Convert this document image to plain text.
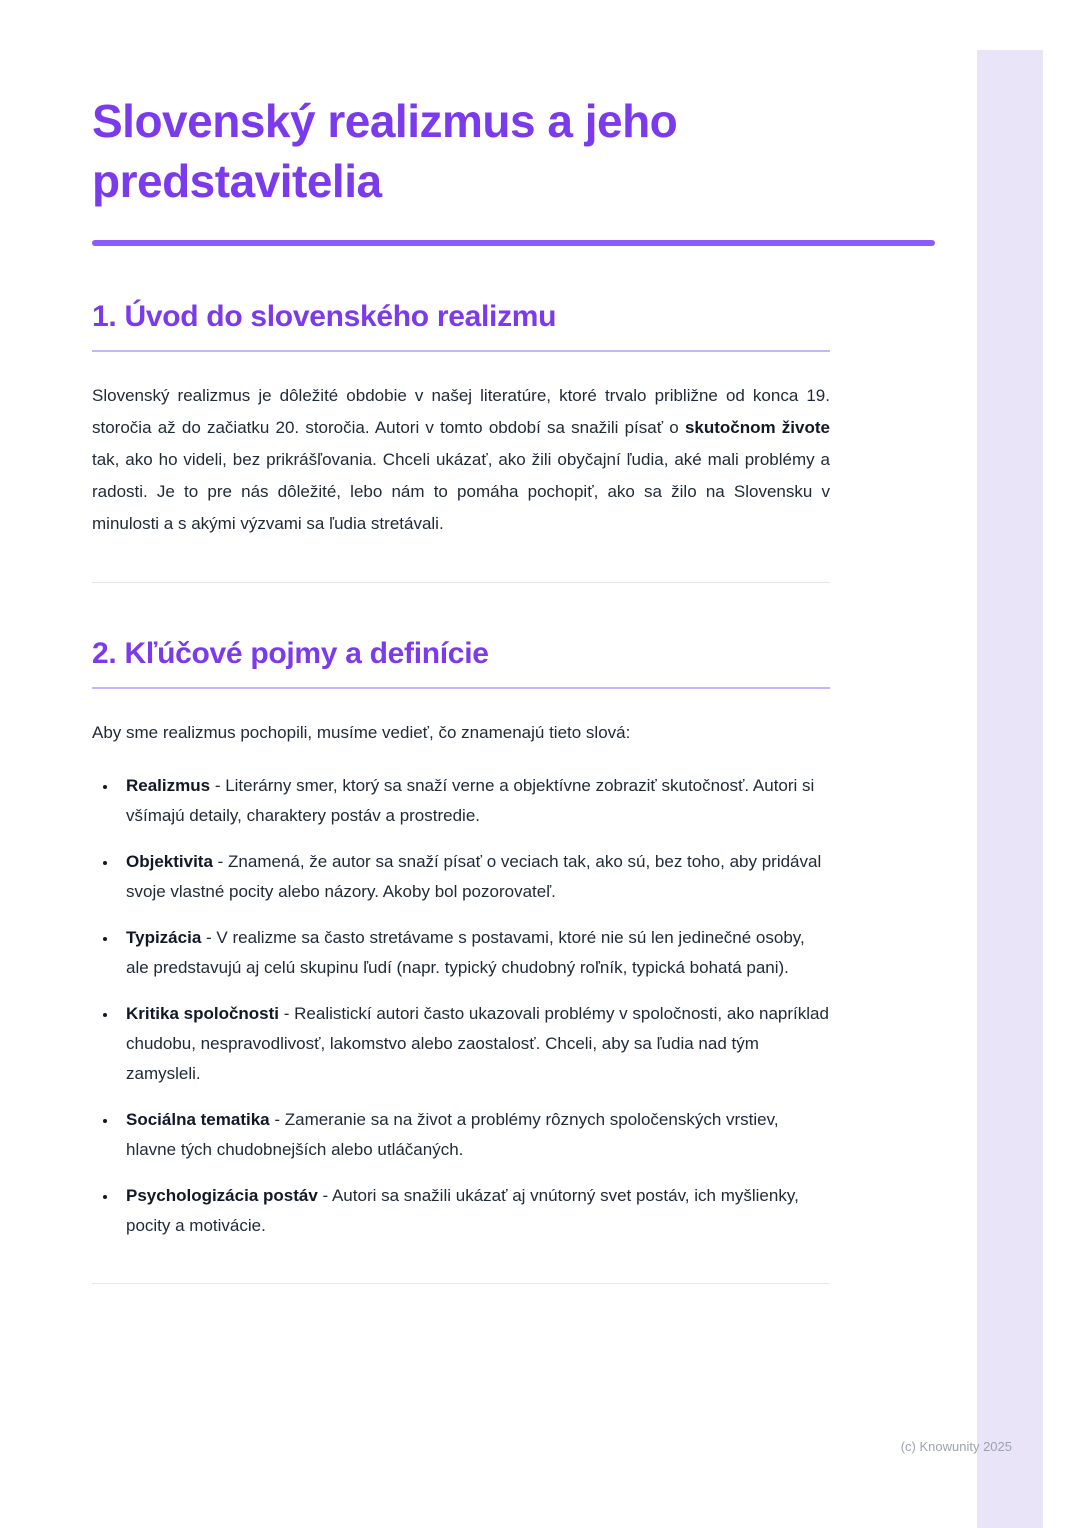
Slovenský realizmus a jeho predstavitelia
1. Úvod do slovenského realizmu

Slovenský realizmus je dôležité obdobie v našej literatúre, ktoré trvalo približne od konca 19. storočia až do začiatku 20. storočia. Autori v tomto období sa snažili písať o skutočnom živote tak, ako ho videli, bez prikrášľovania. Chceli ukázať, ako žili obyčajní ľudia, aké mali problémy a radosti. Je to pre nás dôležité, lebo nám to pomáha pochopiť, ako sa žilo na Slovensku v minulosti a s akými výzvami sa ľudia stretávali.

2. Kľúčové pojmy a definície

Aby sme realizmus pochopili, musíme vedieť, čo znamenajú tieto slová:

• Realizmus - Literárny smer, ktorý sa snaží verne a objektívne zobraziť skutočnosť. Autori si všímajú detaily, charaktery postáv a prostredie.
• Objektivita - Znamená, že autor sa snaží písať o veciach tak, ako sú, bez toho, aby pridával svoje vlastné pocity alebo názory. Akoby bol pozorovateľ.
• Typizácia - V realizme sa často stretávame s postavami, ktoré nie sú len jedinečné osoby, ale predstavujú aj celú skupinu ľudí (napr. typický chudobný roľník, typická bohatá pani).
• Kritika spoločnosti - Realistickí autori často ukazovali problémy v spoločnosti, ako napríklad chudobu, nespravodlivosť, lakomstvo alebo zaostalosť. Chceli, aby sa ľudia nad tým zamysleli.
• Sociálna tematika - Zameranie sa na život a problémy rôznych spoločenských vrstiev, hlavne tých chudobnejších alebo utláčaných.
• Psychologizácia postáv - Autori sa snažili ukázať aj vnútorný svet postáv, ich myšlienky, pocity a motivácie.
(c) Knowunity 2025
